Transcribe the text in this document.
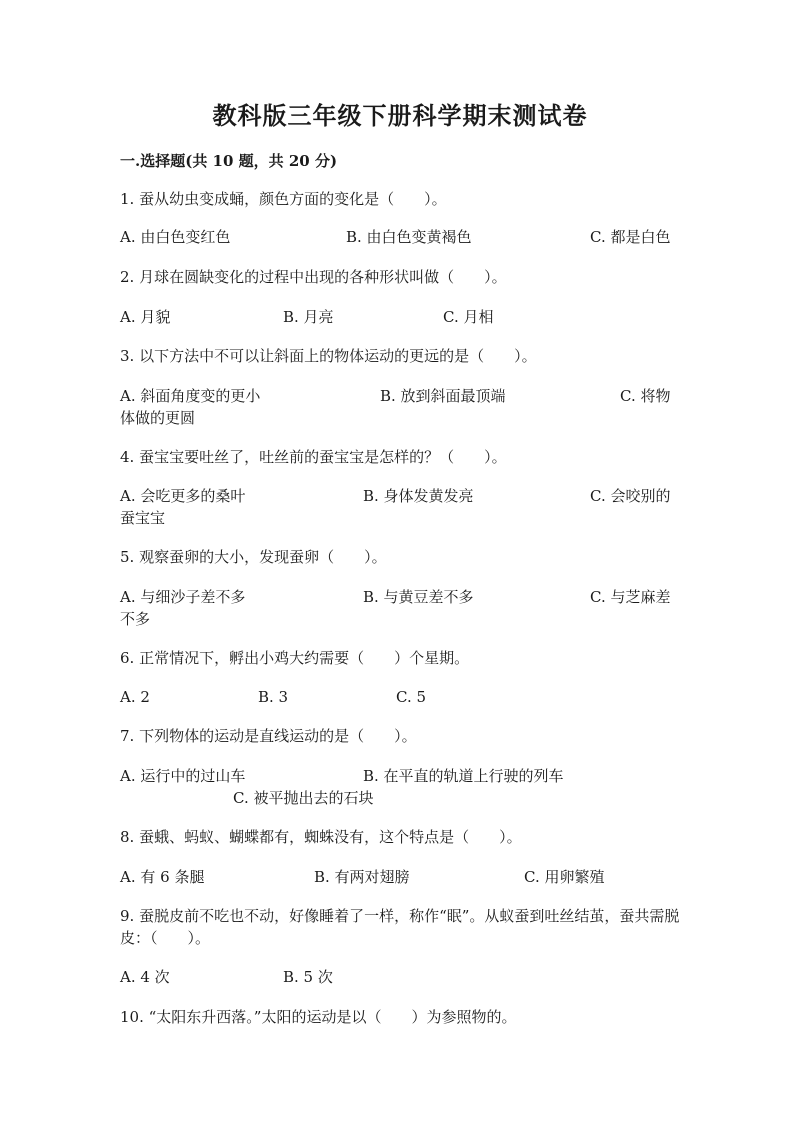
教科版三年级下册科学期末测试卷
一.选择题(共 10 题，共 20 分)
1. 蚕从幼虫变成蛹，颜色方面的变化是（　　）。
A. 由白色变红色	B. 由白色变黄褐色	C. 都是白色
2. 月球在圆缺变化的过程中出现的各种形状叫做（　　）。
A. 月貌	B. 月亮	C. 月相
3. 以下方法中不可以让斜面上的物体运动的更远的是（　　）。
A. 斜面角度变的更小	B. 放到斜面最顶端	C. 将物
体做的更圆
4. 蚕宝宝要吐丝了，吐丝前的蚕宝宝是怎样的？（　　）。
A. 会吃更多的桑叶	B. 身体发黄发亮	C. 会咬别的
蚕宝宝
5. 观察蚕卵的大小，发现蚕卵（　　）。
A. 与细沙子差不多	B. 与黄豆差不多	C. 与芝麻差
不多
6. 正常情况下，孵出小鸡大约需要（　　）个星期。
A. 2	B. 3	C. 5
7. 下列物体的运动是直线运动的是（　　）。
A. 运行中的过山车	B. 在平直的轨道上行驶的列车
C. 被平抛出去的石块
8. 蚕蛾、蚂蚁、蝴蝶都有，蜘蛛没有，这个特点是（　　）。
A. 有 6 条腿	B. 有两对翅膀	C. 用卵繁殖
9. 蚕脱皮前不吃也不动，好像睡着了一样，称作“眠”。从蚁蚕到吐丝结茧，蚕共需脱皮：（　　）。
A. 4 次	B. 5 次
10. “太阳东升西落。”太阳的运动是以（　　）为参照物的。
